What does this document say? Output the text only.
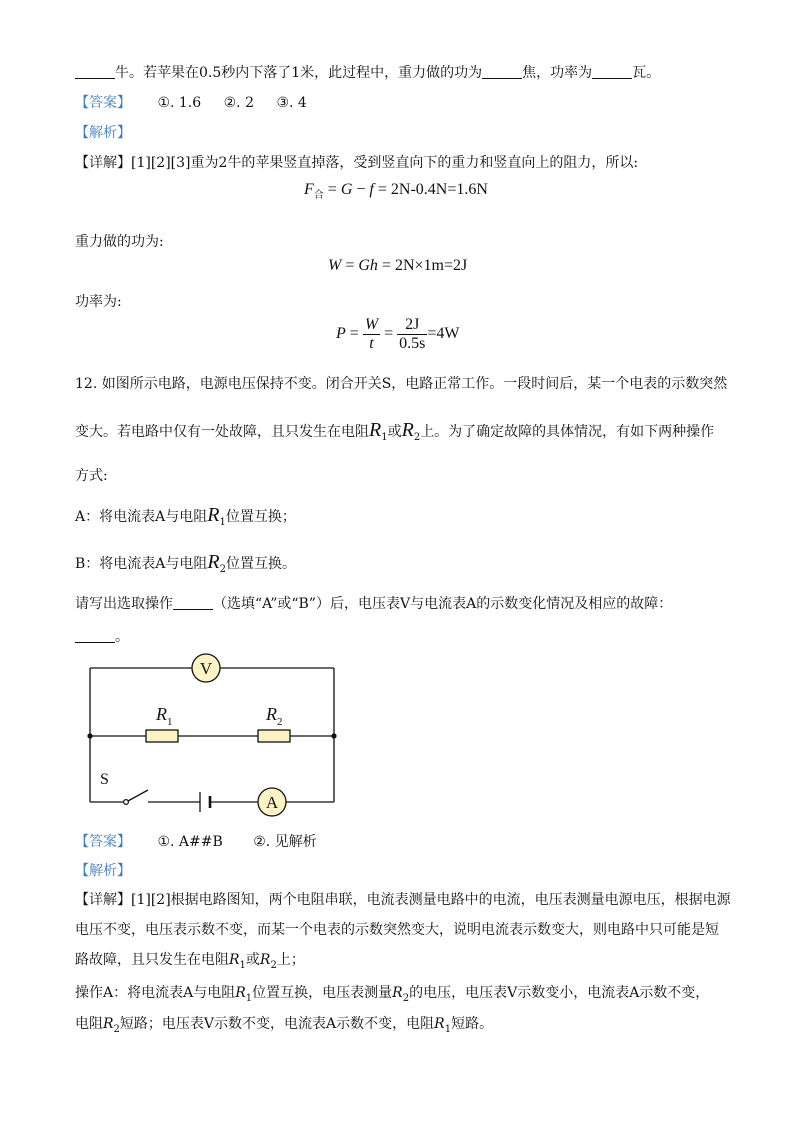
牛。若苹果在0.5秒内下落了1米，此过程中，重力做的功为	焦，功率为	瓦。
【答案】 ①. 1.6 ②. 2 ③. 4
【解析】
【详解】[1][2][3]重为2牛的苹果竖直掉落，受到竖直向下的重力和竖直向上的阻力，所以:
$F_合 = G - f = 2N-0.4N=1.6N$
重力做的功为:
W = Gh = 2N×1m=2J
功率为:
$P = \frac{W}{t} = \frac{2J}{0.5s} =4W$
12. 如图所示电路，电源电压保持不变。闭合开关S，电路正常工作。一段时间后，某一个电表的示数突然
变大。若电路中仅有一处故障，且只发生在电阻$R_1$或$R_2$上。为了确定故障的具体情况，有如下两种操作
方式:
A：将电流表A与电阻$R_1$位置互换；
B：将电流表A与电阻$R_2$位置互换。
请写出选取操作	（选填“A”或“B”）后，电压表V与电流表A的示数变化情况及相应的故障：
。
V
$R_1$	$R_2$
S
A
【答案】 ①. A##B ②. 见解析
【解析】
【详解】[1][2]根据电路图知，两个电阻串联，电流表测量电路中的电流，电压表测量电源电压，根据电源
电压不变，电压表示数不变，而某一个电表的示数突然变大，说明电流表示数变大，则电路中只可能是短
路故障，且只发生在电阻$R_1$或$R_2$上；
操作A：将电流表A与电阻$R_1$位置互换，电压表测量$R_2$的电压，电压表V示数变小，电流表A示数不变，
电阻$R_2$短路；电压表V示数不变，电流表A示数不变，电阻$R_1$短路。
